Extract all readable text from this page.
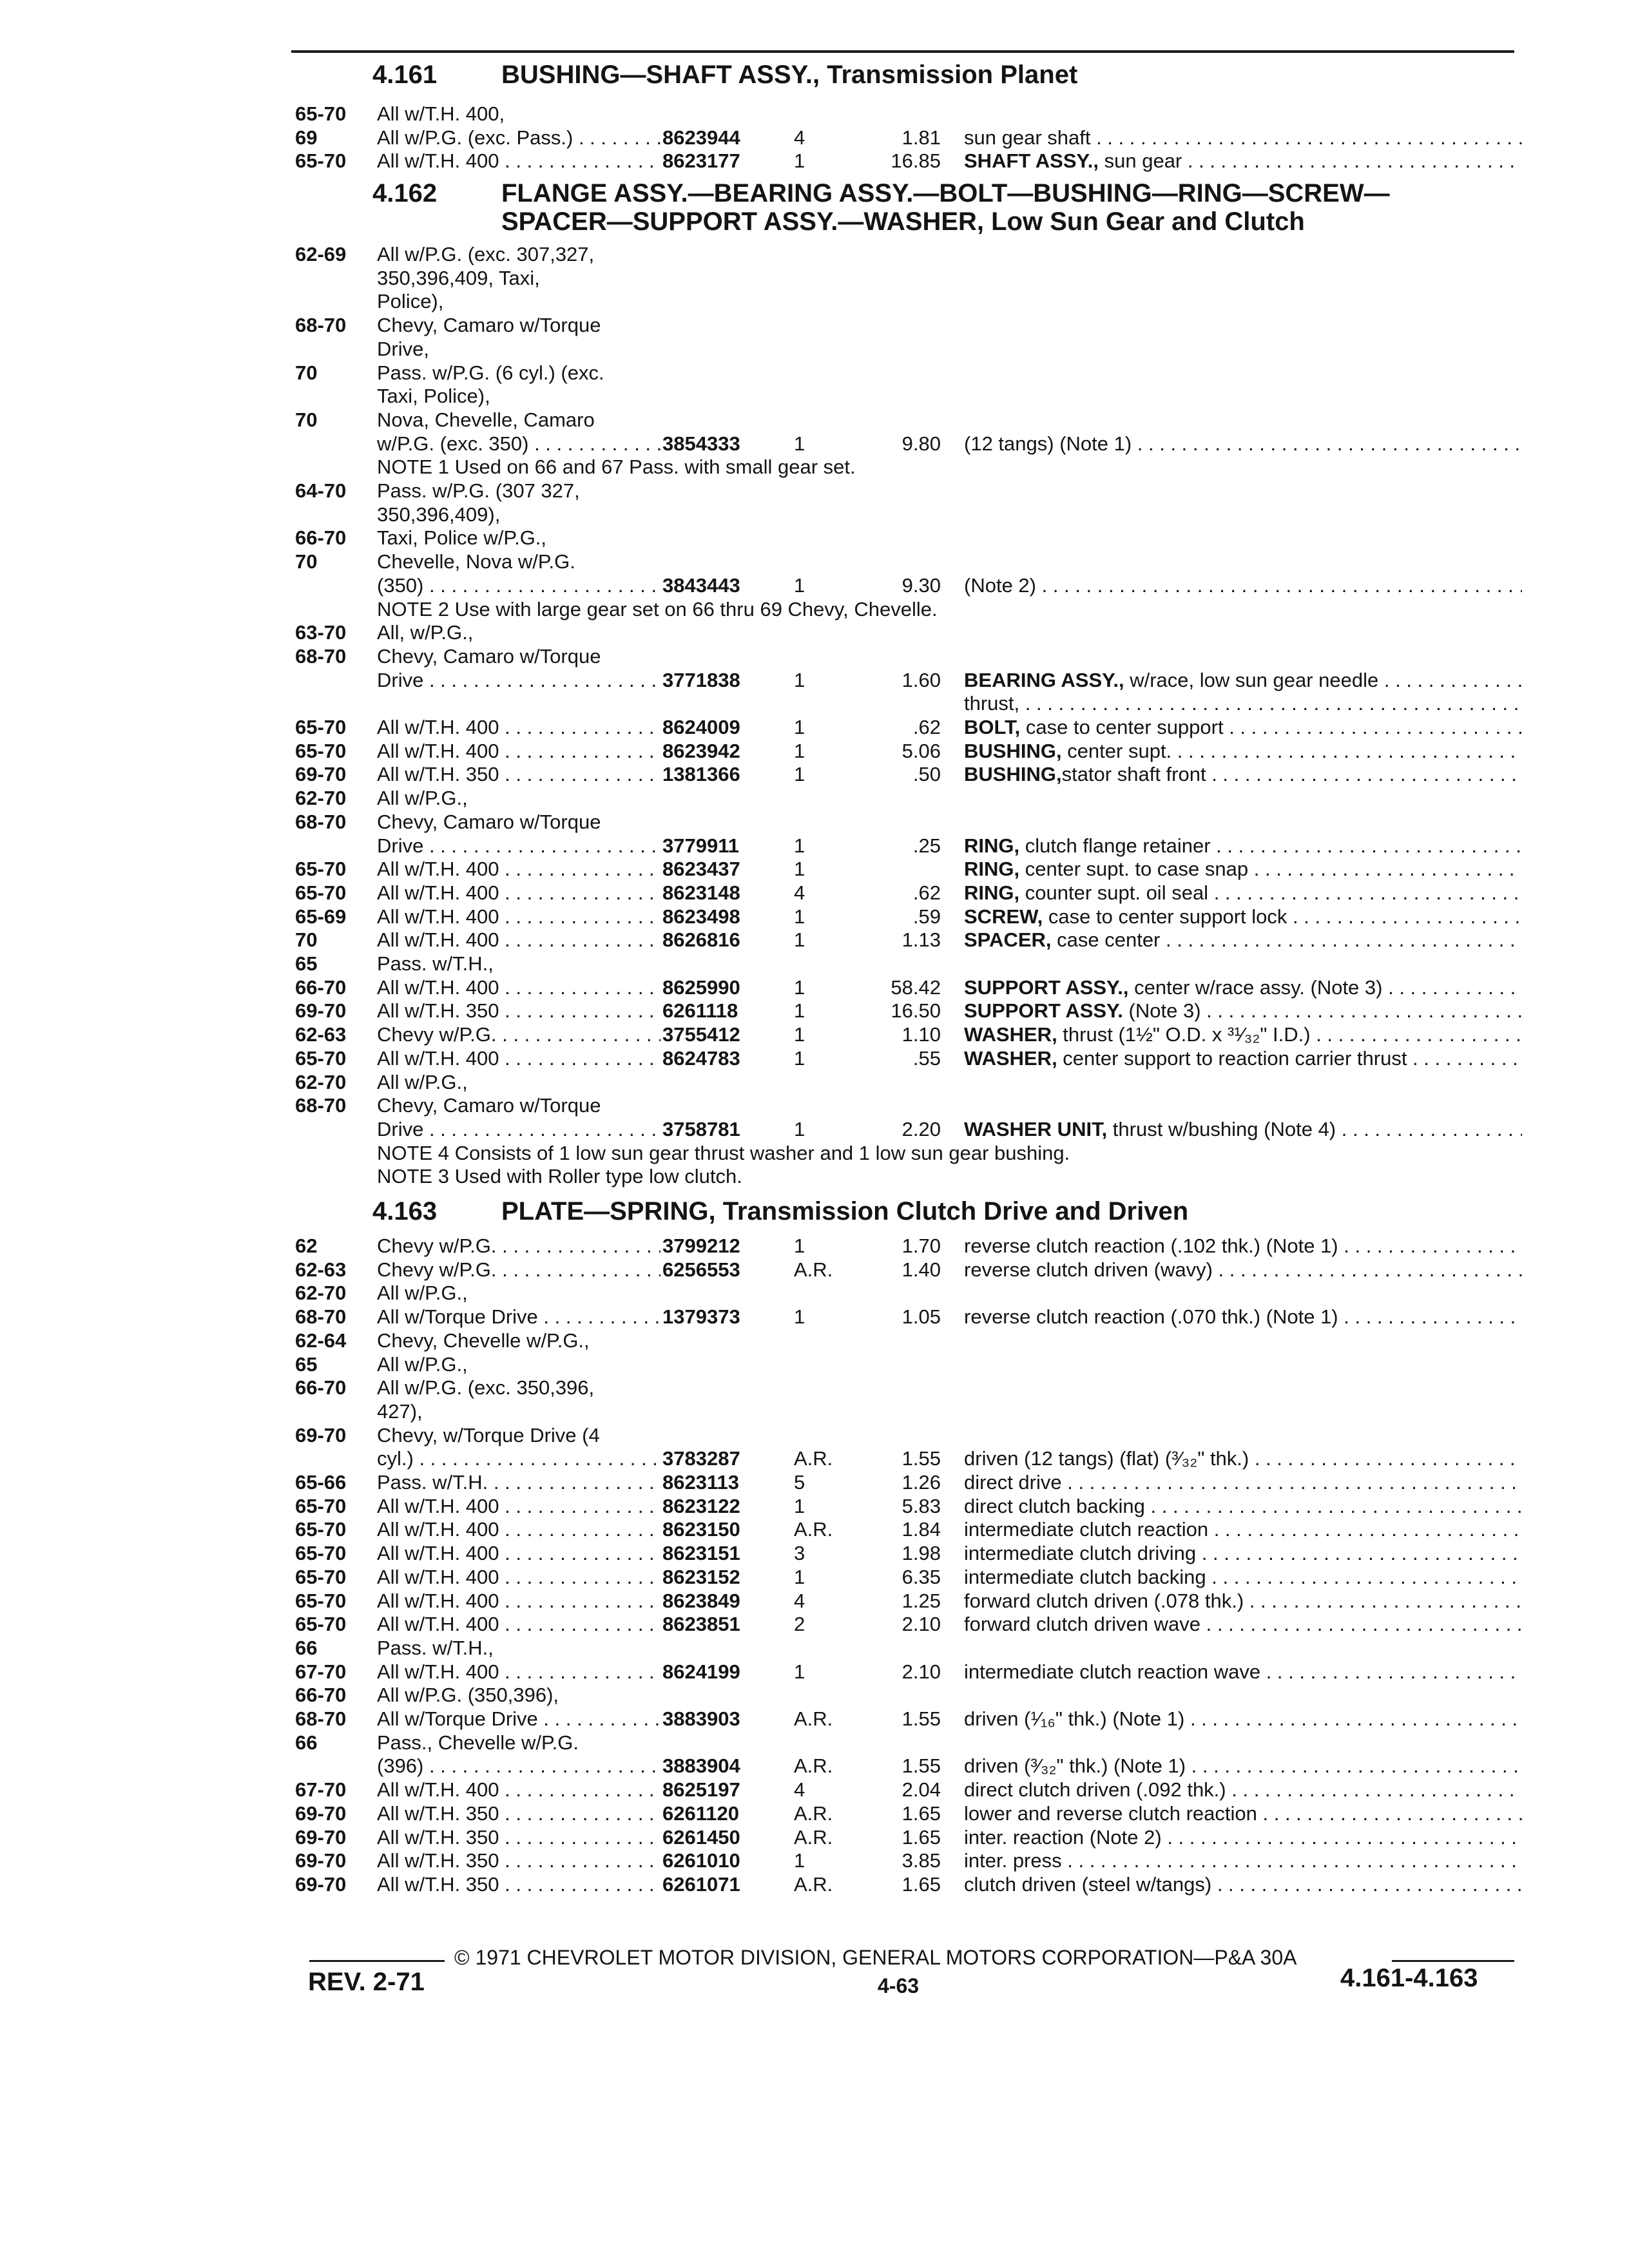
4.161 BUSHING—SHAFT ASSY., Transmission Planet
65-70	All w/T.H. 400,
69	All w/P.G. (exc. Pass.) . . . . . .	8623944	4	1.81 sun gear shaft . . .
65-70	All w/T.H. 400 . . .	8623177	1	16.85 SHAFT ASSY., sun gear . . .
4.162 FLANGE ASSY.—BEARING ASSY.—BOLT—BUSHING—RING—SCREW—
SPACER—SUPPORT ASSY.—WASHER, Low Sun Gear and Clutch
62-69	All w/P.G. (exc. 307,327,
350,396,409, Taxi,
Police),
68-70	Chevy, Camaro w/Torque
Drive,
70	Pass. w/P.G. (6 cyl.) (exc.
Taxi, Police),
70	Nova, Chevelle, Camaro
w/P.G. (exc. 350) . . . . . . . . .	3854333	1	9.80 (12 tangs) (Note 1) . . .
NOTE 1 Used on 66 and 67 Pass. with small gear set.
64-70	Pass. w/P.G. (307 327,
350,396,409),
66-70	Taxi, Police w/P.G.,
70	Chevelle, Nova w/P.G.
(350) . . .	3843443	1	9.30 (Note 2) . . .
NOTE 2 Use with large gear set on 66 thru 69 Chevy, Chevelle.
63-70	All, w/P.G.,
68-70	Chevy, Camaro w/Torque
Drive . . .	3771838	1	1.60 BEARING ASSY., w/race, low sun gear needle . . .
thrust, . . .
65-70	All w/T.H. 400 . . .	8624009	1	.62 BOLT, case to center support . . .
65-70	All w/T.H. 400 . . .	8623942	1	5.06 BUSHING, center supt. . . .
69-70	All w/T.H. 350 . . .	1381366	1	.50 BUSHING,stator shaft front . . .
62-70	All w/P.G.,
68-70	Chevy, Camaro w/Torque
Drive . . .	3779911	1	.25 RING, clutch flange retainer . . .
65-70	All w/T.H. 400 . . .	8623437	1	RING, center supt. to case snap . . .
65-70	All w/T.H. 400 . . .	8623148	4	.62 RING, counter supt. oil seal . . .
65-69	All w/T.H. 400 . . .	8623498	1	.59 SCREW, case to center support lock . . .
70	All w/T.H. 400 . . .	8626816	1	1.13 SPACER, case center . . .
65	Pass. w/T.H.,
66-70	All w/T.H. 400 . . .	8625990	1	58.42 SUPPORT ASSY., center w/race assy. (Note 3) . . .
69-70	All w/T.H. 350 . . .	6261118	1	16.50 SUPPORT ASSY. (Note 3) . . .
62-63	Chevy w/P.G. . . .	3755412	1	1.10 WASHER, thrust (1½" O.D. x ³¹⁄₃₂" I.D.) . . .
65-70	All w/T.H. 400 . . .	8624783	1	.55 WASHER, center support to reaction carrier thrust . . . . .
62-70	All w/P.G.,
68-70	Chevy, Camaro w/Torque
Drive . . .	3758781	1	2.20 WASHER UNIT, thrust w/bushing (Note 4) . . .
NOTE 4 Consists of 1 low sun gear thrust washer and 1 low sun gear bushing.
NOTE 3 Used with Roller type low clutch.
4.163 PLATE—SPRING, Transmission Clutch Drive and Driven
62	Chevy w/P.G. . . .	3799212	1	1.70 reverse clutch reaction (.102 thk.) (Note 1) . . .
62-63	Chevy w/P.G. . . .	6256553	A.R.	1.40 reverse clutch driven (wavy) . . .
62-70	All w/P.G.,
68-70	All w/Torque Drive . . .	1379373	1	1.05 reverse clutch reaction (.070 thk.) (Note 1) . . .
62-64	Chevy, Chevelle w/P.G.,
65	All w/P.G.,
66-70	All w/P.G. (exc. 350,396,
427),
69-70	Chevy, w/Torque Drive (4
cyl.) . . .	3783287	A.R.	1.55 driven (12 tangs) (flat) (³⁄₃₂" thk.) . . .
65-66	Pass. w/T.H. . . .	8623113	5	1.26 direct drive . . .
65-70	All w/T.H. 400 . . .	8623122	1	5.83 direct clutch backing . . .
65-70	All w/T.H. 400 . . .	8623150	A.R.	1.84 intermediate clutch reaction . . .
65-70	All w/T.H. 400 . . .	8623151	3	1.98 intermediate clutch driving . . .
65-70	All w/T.H. 400 . . .	8623152	1	6.35 intermediate clutch backing . . .
65-70	All w/T.H. 400 . . .	8623849	4	1.25 forward clutch driven (.078 thk.) . . .
65-70	All w/T.H. 400 . . .	8623851	2	2.10 forward clutch driven wave . . .
66	Pass. w/T.H.,
67-70	All w/T.H. 400 . . .	8624199	1	2.10 intermediate clutch reaction wave . . .
66-70	All w/P.G. (350,396),
68-70	All w/Torque Drive . . .	3883903	A.R.	1.55 driven (¹⁄₁₆" thk.) (Note 1) . . .
66	Pass., Chevelle w/P.G.
(396) . . .	3883904	A.R.	1.55 driven (³⁄₃₂" thk.) (Note 1) . . .
67-70	All w/T.H. 400 . . .	8625197	4	2.04 direct clutch driven (.092 thk.) . . .
69-70	All w/T.H. 350 . . .	6261120	A.R.	1.65 lower and reverse clutch reaction . . .
69-70	All w/T.H. 350 . . .	6261450	A.R.	1.65 inter. reaction (Note 2) . . .
69-70	All w/T.H. 350 . . .	6261010	1	3.85 inter. press . . .
69-70	All w/T.H. 350 . . .	6261071	A.R.	1.65 clutch driven (steel w/tangs) . . .
© 1971 CHEVROLET MOTOR DIVISION, GENERAL MOTORS CORPORATION—P&A 30A
REV. 2-71	4-63	4.161-4.163
